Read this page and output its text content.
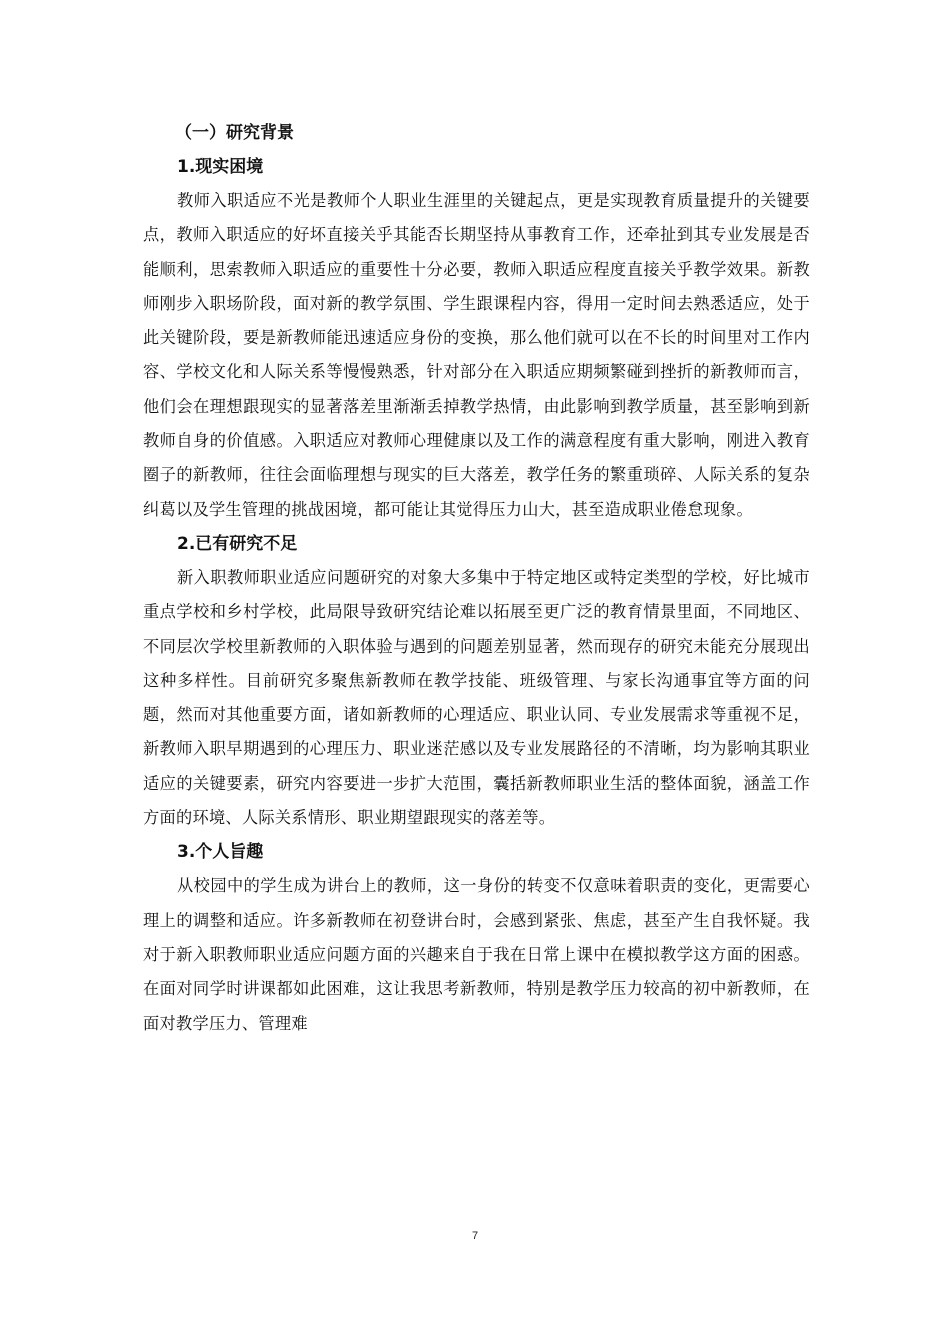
（一）研究背景
1.现实困境

教师入职适应不光是教师个人职业生涯里的关键起点，更是实现教育质量提升的关键要点，教师入职适应的好坏直接关乎其能否长期坚持从事教育工作，还牵扯到其专业发展是否能顺利，思索教师入职适应的重要性十分必要，教师入职适应程度直接关乎教学效果。新教师刚步入职场阶段，面对新的教学氛围、学生跟课程内容，得用一定时间去熟悉适应，处于此关键阶段，要是新教师能迅速适应身份的变换，那么他们就可以在不长的时间里对工作内容、学校文化和人际关系等慢慢熟悉，针对部分在入职适应期频繁碰到挫折的新教师而言，他们会在理想跟现实的显著落差里渐渐丢掉教学热情，由此影响到教学质量，甚至影响到新教师自身的价值感。入职适应对教师心理健康以及工作的满意程度有重大影响，刚进入教育圈子的新教师，往往会面临理想与现实的巨大落差，教学任务的繁重琐碎、人际关系的复杂纠葛以及学生管理的挑战困境，都可能让其觉得压力山大，甚至造成职业倦怠现象。

2.已有研究不足

新入职教师职业适应问题研究的对象大多集中于特定地区或特定类型的学校，好比城市重点学校和乡村学校，此局限导致研究结论难以拓展至更广泛的教育情景里面，不同地区、不同层次学校里新教师的入职体验与遇到的问题差别显著，然而现存的研究未能充分展现出这种多样性。目前研究多聚焦新教师在教学技能、班级管理、与家长沟通事宜等方面的问题，然而对其他重要方面，诸如新教师的心理适应、职业认同、专业发展需求等重视不足，新教师入职早期遇到的心理压力、职业迷茫感以及专业发展路径的不清晰，均为影响其职业适应的关键要素，研究内容要进一步扩大范围，囊括新教师职业生活的整体面貌，涵盖工作方面的环境、人际关系情形、职业期望跟现实的落差等。

3.个人旨趣

从校园中的学生成为讲台上的教师，这一身份的转变不仅意味着职责的变化，更需要心理上的调整和适应。许多新教师在初登讲台时，会感到紧张、焦虑，甚至产生自我怀疑。我对于新入职教师职业适应问题方面的兴趣来自于我在日常上课中在模拟教学这方面的困惑。在面对同学时讲课都如此困难，这让我思考新教师，特别是教学压力较高的初中新教师，在面对教学压力、管理难

7
